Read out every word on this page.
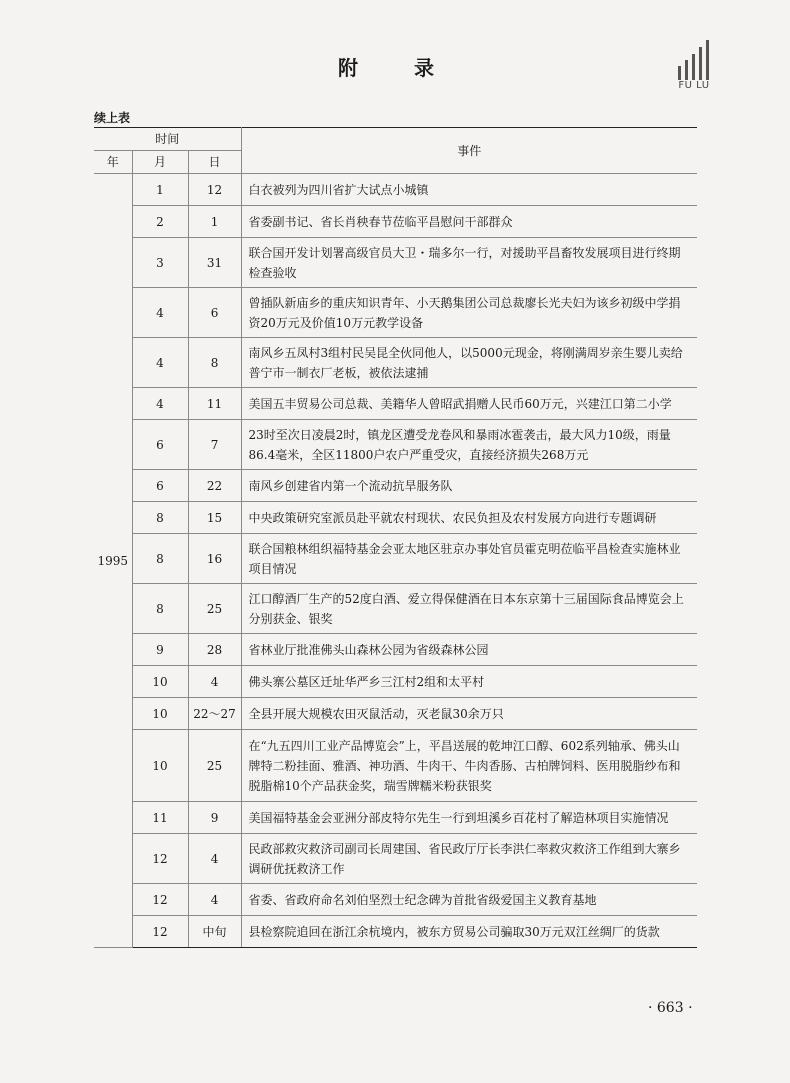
附　录
FU LU
续上表
时间			事件
年	月	日	
1995	1	12	白衣被列为四川省扩大试点小城镇
	2	1	省委副书记、省长肖秧春节莅临平昌慰问干部群众
	3	31	联合国开发计划署高级官员大卫・瑞多尔一行，对援助平昌畜牧发展项目进行终期检查验收
	4	6	曾插队新庙乡的重庆知识青年、小天鹅集团公司总裁廖长光夫妇为该乡初级中学捐资20万元及价值10万元教学设备
	4	8	南风乡五凤村3组村民吴昆全伙同他人，以5000元现金，将刚满周岁亲生婴儿卖给普宁市一制衣厂老板，被依法逮捕
	4	11	美国五丰贸易公司总裁、美籍华人曾昭武捐赠人民币60万元，兴建江口第二小学
	6	7	23时至次日凌晨2时，镇龙区遭受龙卷风和暴雨冰雹袭击，最大风力10级，雨量86.4毫米，全区11800户农户严重受灾，直接经济损失268万元
	6	22	南风乡创建省内第一个流动抗旱服务队
	8	15	中央政策研究室派员赴平就农村现状、农民负担及农村发展方向进行专题调研
	8	16	联合国粮林组织福特基金会亚太地区驻京办事处官员霍克明莅临平昌检查实施林业项目情况
	8	25	江口醇酒厂生产的52度白酒、爱立得保健酒在日本东京第十三届国际食品博览会上分别获金、银奖
	9	28	省林业厅批准佛头山森林公园为省级森林公园
	10	4	佛头寨公墓区迁址华严乡三江村2组和太平村
	10	22～27	全县开展大规模农田灭鼠活动，灭老鼠30余万只
	10	25	在“九五四川工业产品博览会”上，平昌送展的乾坤江口醇、602系列轴承、佛头山牌特二粉挂面、雅酒、神功酒、牛肉干、牛肉香肠、古柏牌饲料、医用脱脂纱布和脱脂棉10个产品获金奖，瑞雪牌糯米粉获银奖
	11	9	美国福特基金会亚洲分部皮特尔先生一行到坦溪乡百花村了解造林项目实施情况
	12	4	民政部救灾救济司副司长周建国、省民政厅厅长李洪仁率救灾救济工作组到大寨乡调研优抚救济工作
	12	4	省委、省政府命名刘伯坚烈士纪念碑为首批省级爱国主义教育基地
	12	中旬	县检察院追回在浙江余杭境内，被东方贸易公司骗取30万元双江丝绸厂的货款
· 663 ·
